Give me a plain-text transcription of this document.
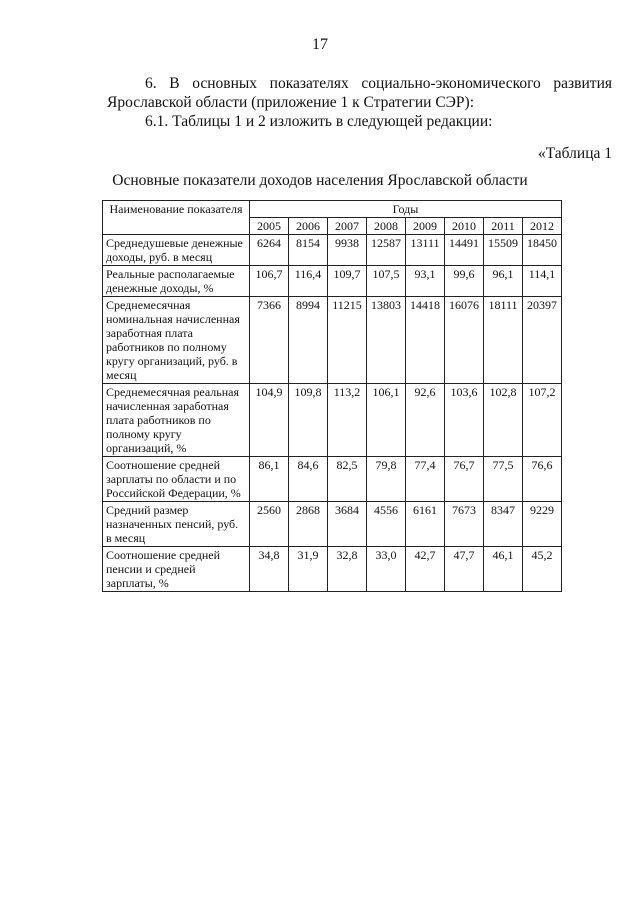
17
6. В основных показателях социально-экономического развития
Ярославской области (приложение 1 к Стратегии СЭР):
6.1. Таблицы 1 и 2 изложить в следующей редакции:
«Таблица 1
Основные показатели доходов населения Ярославской области
Наименование показателя	Годы							
	2005	2006	2007	2008	2009	2010	2011	2012
Среднедушевые денежные доходы, руб. в месяц	6264	8154	9938	12587	13111	14491	15509	18450
Реальные располагаемые денежные доходы, %	106,7	116,4	109,7	107,5	93,1	99,6	96,1	114,1
Среднемесячная номинальная начисленная заработная плата работников по полному кругу организаций, руб. в месяц	7366	8994	11215	13803	14418	16076	18111	20397
Среднемесячная реальная начисленная заработная плата работников по полному кругу организаций, %	104,9	109,8	113,2	106,1	92,6	103,6	102,8	107,2
Соотношение средней зарплаты по области и по Российской Федерации, %	86,1	84,6	82,5	79,8	77,4	76,7	77,5	76,6
Средний размер назначенных пенсий, руб. в месяц	2560	2868	3684	4556	6161	7673	8347	9229
Соотношение средней пенсии и средней зарплаты, %	34,8	31,9	32,8	33,0	42,7	47,7	46,1	45,2
